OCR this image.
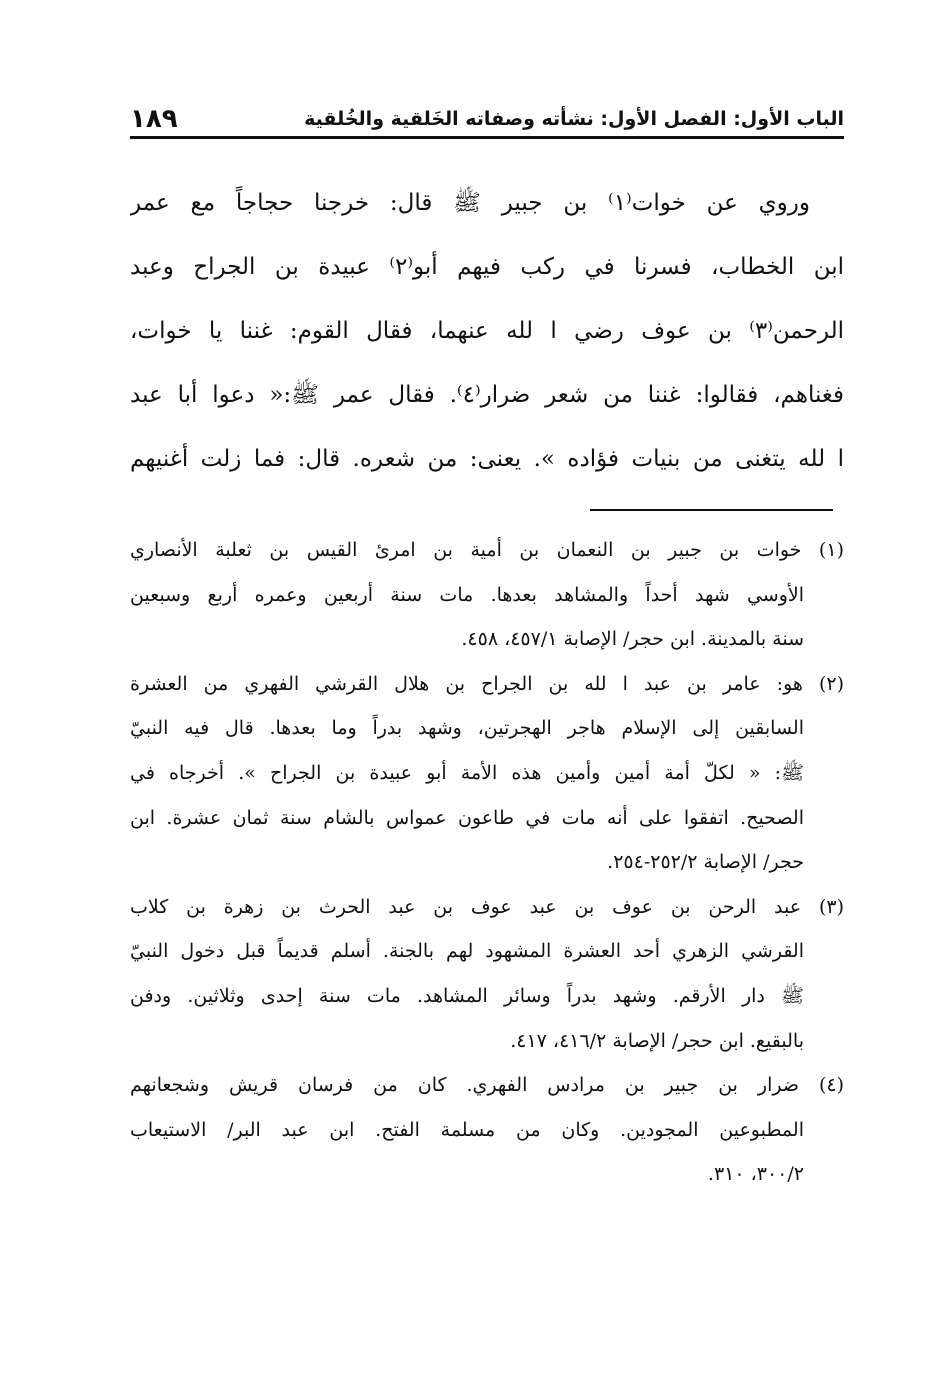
الباب الأول: الفصل الأول: نشأته وصفاته الخَلقية والخُلقية
١٨٩
وروي عن خوات⁽١⁾ بن جبير ﷺ قال: خرجنا حجاجاً مع عمر
ابن الخطاب، فسرنا في ركب فيهم أبو⁽٢⁾ عبيدة بن الجراح وعبد
الرحمن⁽٣⁾ بن عوف رضي ا لله عنهما، فقال القوم: غننا يا خوات،
فغناهم، فقالوا: غننا من شعر ضرار⁽٤⁾. فقال عمر ﷺ:« دعوا أبا عبد
ا لله يتغنى من بنيات فؤاده ». يعنى: من شعره. قال: فما زلت أغنيهم
(١) خوات بن جبير بن النعمان بن أمية بن امرئ القيس بن ثعلبة الأنصاري
الأوسي شهد أحداً والمشاهد بعدها. مات سنة أربعين وعمره أربع وسبعين
سنة بالمدينة. ابن حجر/ الإصابة ٤٥٧/١، ٤٥٨.
(٢) هو: عامر بن عبد ا لله بن الجراح بن هلال القرشي الفهري من العشرة
السابقين إلى الإسلام هاجر الهجرتين، وشهد بدراً وما بعدها. قال فيه النبيّ
ﷺ: « لكلّ أمة أمين وأمين هذه الأمة أبو عبيدة بن الجراح ». أخرجاه في
الصحيح. اتفقوا على أنه مات في طاعون عمواس بالشام سنة ثمان عشرة. ابن
حجر/ الإصابة ٢٥٢/٢-٢٥٤.
(٣) عبد الرحن بن عوف بن عبد عوف بن عبد الحرث بن زهرة بن كلاب
القرشي الزهري أحد العشرة المشهود لهم بالجنة. أسلم قديماً قبل دخول النبيّ
ﷺ دار الأرقم. وشهد بدراً وسائر المشاهد. مات سنة إحدى وثلاثين. ودفن
بالبقيع. ابن حجر/ الإصابة ٤١٦/٢، ٤١٧.
(٤) ضرار بن جبير بن مرادس الفهري. كان من فرسان قريش وشجعانهم
المطبوعين المجودين. وكان من مسلمة الفتح. ابن عبد البر/ الاستيعاب
٣٠٠/٢، ٣١٠.
